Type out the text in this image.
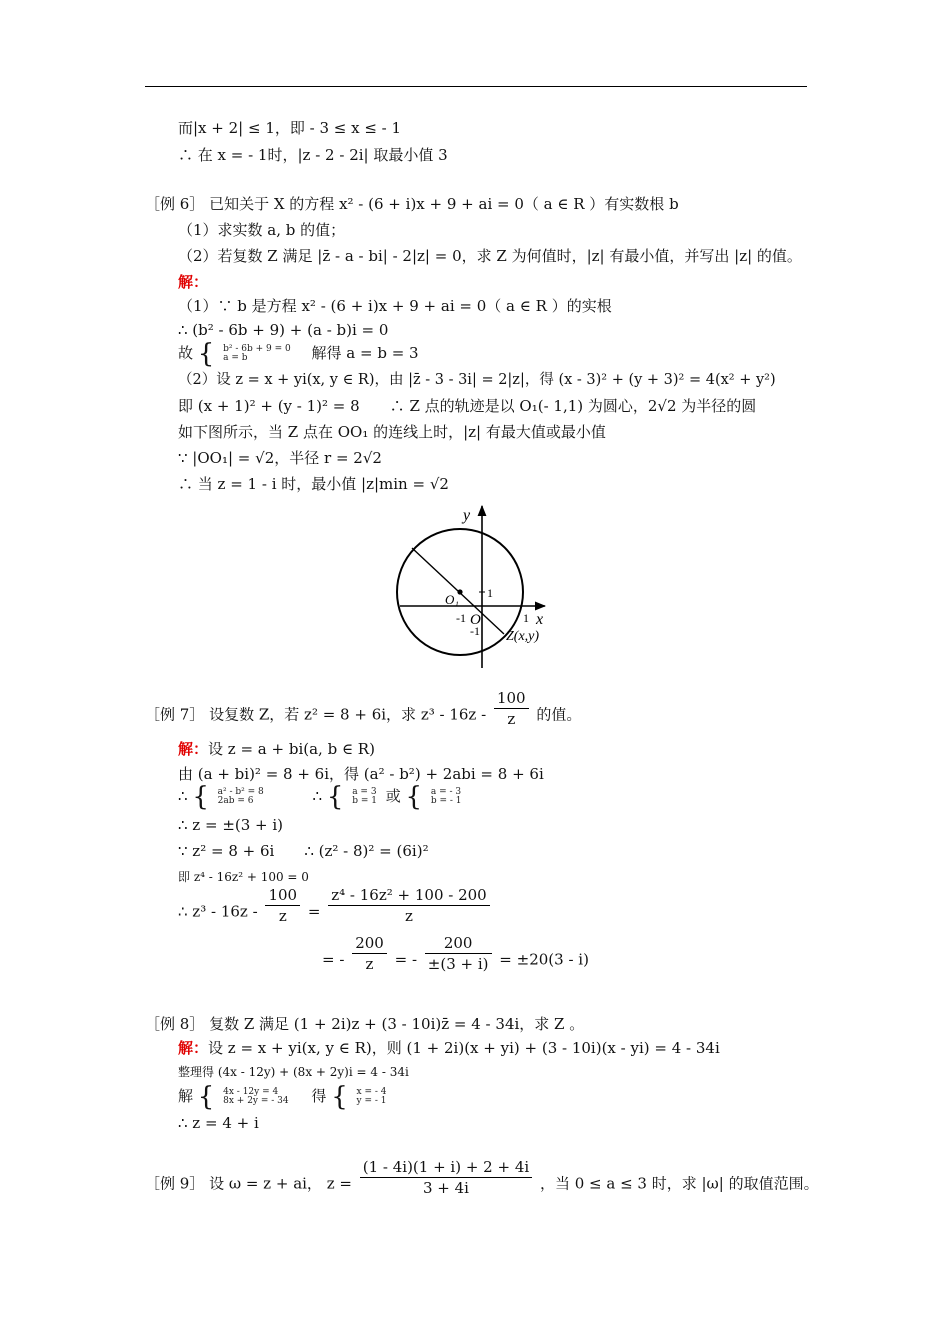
而|x + 2| ≤ 1，即 - 3 ≤ x ≤ - 1
∴ 在 x = - 1时，|z - 2 - 2i| 取最小值 3
［例 6］ 已知关于 X 的方程 x² - (6 + i)x + 9 + ai = 0（ a ∈ R ）有实数根 b
（1）求实数 a, b 的值；
（2）若复数 Z 满足 |z̄ - a - bi| - 2|z| = 0，求 Z 为何值时，|z| 有最小值，并写出 |z| 的值。
解：
（1）∵ b 是方程 x² - (6 + i)x + 9 + ai = 0（ a ∈ R ）的实根
∴ (b² - 6b + 9) + (a - b)i = 0
故 { b² - 6b + 9 = 0
a = b	解得 a = b = 3
（2）设 z = x + yi(x, y ∈ R)，由 |z̄ - 3 - 3i| = 2|z|，得 (x - 3)² + (y + 3)² = 4(x² + y²)
即 (x + 1)² + (y - 1)² = 8　　∴ Z 点的轨迹是以 O₁(- 1,1) 为圆心，2√2 为半径的圆
如下图所示，当 Z 点在 OO₁ 的连线上时，|z| 有最大值或最小值
∵ |OO₁| = √2，半径 r = 2√2
∴ 当 z = 1 - i 时，最小值 |z|min = √2
y
x
1
O₁
O
-1	1
-1 Z(x,y)
［例 7］ 设复数 Z，若 z² = 8 + 6i，求 $z^3 - 16z - \frac{100}{z}$ 的值。
解：设 z = a + bi(a, b ∈ R)
由 (a + bi)² = 8 + 6i，得 (a² - b²) + 2abi = 8 + 6i
∴ { a² - b² = 8
2ab = 6	∴ { a = 3
b = 1 或 { a = - 3
b = - 1
∴ z = ±(3 + i)
∵ z² = 8 + 6i　　∴ (z² - 8)² = (6i)²
即 z⁴ - 16z² + 100 = 0
∴ $z^3 - 16z - \frac{100}{z} = \frac{\text{z⁴ - 16z² + 100 - 200}}{z}$
= - $\frac{200}{z}$ = - $\frac{200}{\pm(3 + i)} = \pm 20(3 - i)$
［例 8］ 复数 Z 满足 (1 + 2i)z + (3 - 10i)z̄ = 4 - 34i，求 Z 。
解：设 z = x + yi(x, y ∈ R)，则 (1 + 2i)(x + yi) + (3 - 10i)(x - yi) = 4 - 34i
整理得 (4x - 12y) + (8x + 2y)i = 4 - 34i
解 { 4x - 12y = 4
8x + 2y = - 34 得 { x = - 4
y = - 1
∴ z = 4 + i
［例 9］ 设 ω = z + ai， $z = \frac{(1 - 4i)(1 + i) + 2 + 4i}{3 + 4i}$ ，当 0 ≤ a ≤ 3 时，求 |ω| 的取值范围。
